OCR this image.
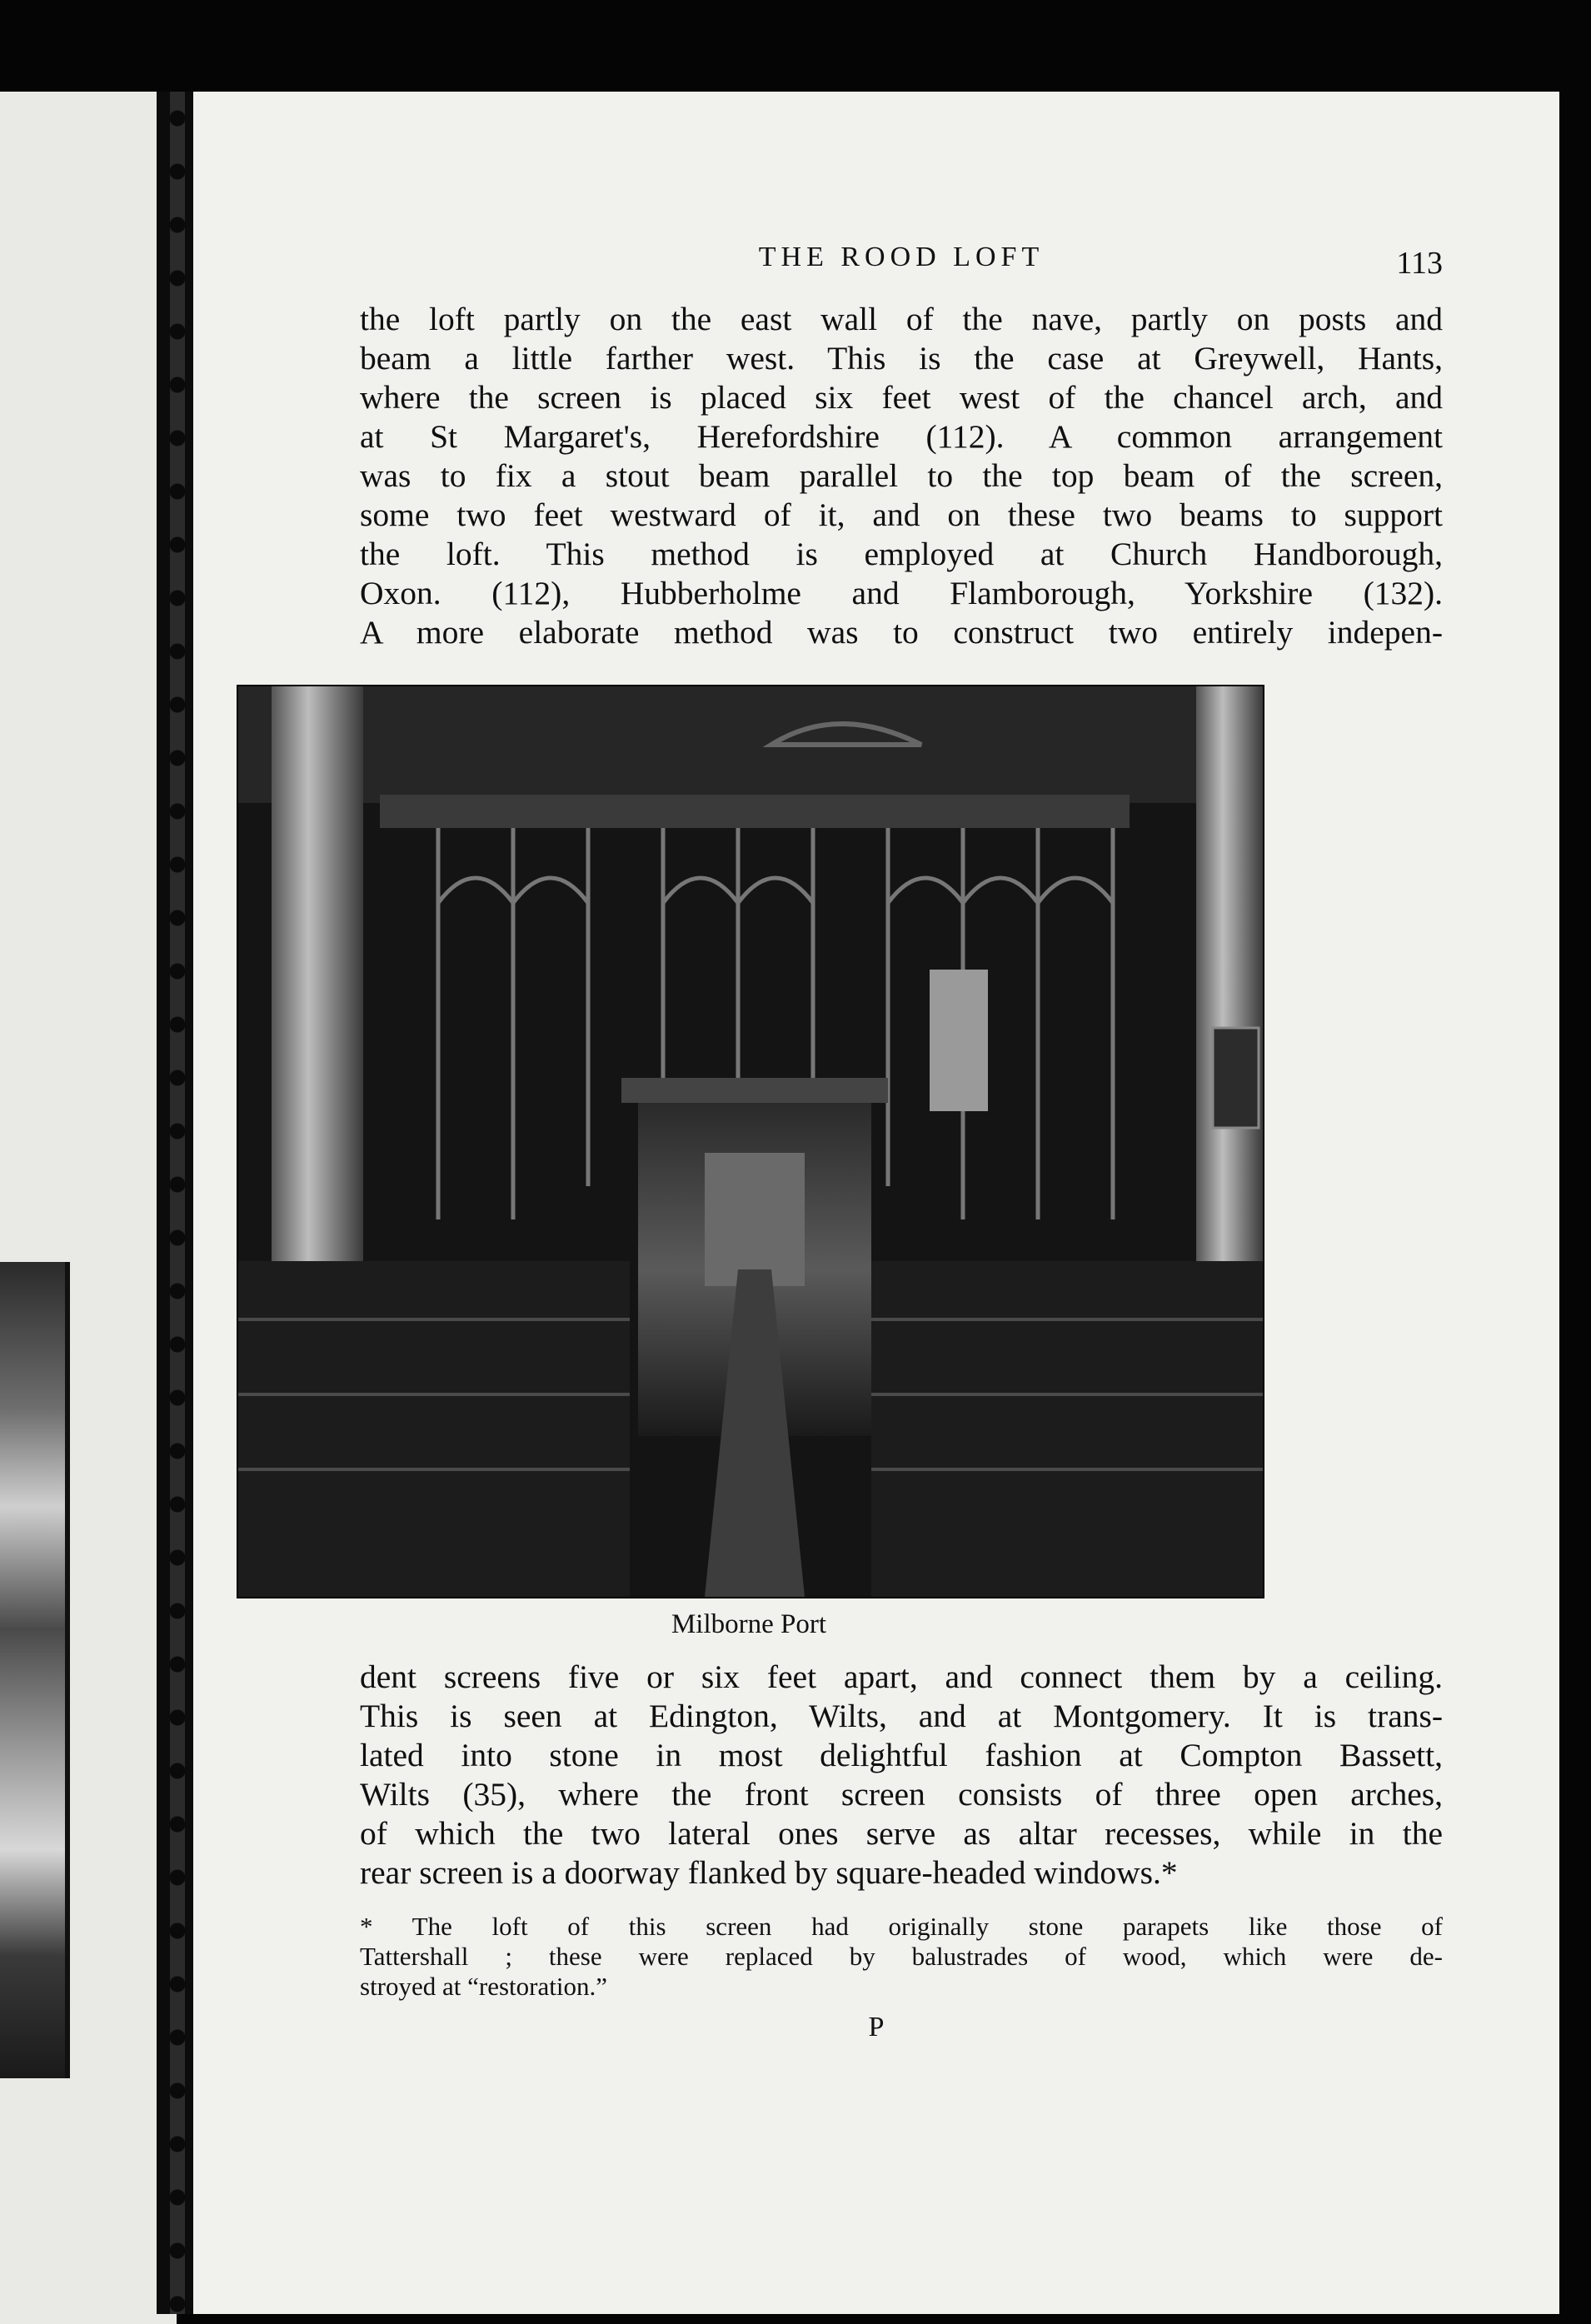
THE ROOD LOFT	113
the loft partly on the east wall of the nave, partly on posts and
beam a little farther west. This is the case at Greywell, Hants,
where the screen is placed six feet west of the chancel arch, and
at St Margaret's, Herefordshire (112). A common arrangement
was to fix a stout beam parallel to the top beam of the screen,
some two feet westward of it, and on these two beams to support
the loft. This method is employed at Church Handborough,
Oxon. (112), Hubberholme and Flamborough, Yorkshire (132).
A more elaborate method was to construct two entirely indepen-
Milborne Port
dent screens five or six feet apart, and connect them by a ceiling.
This is seen at Edington, Wilts, and at Montgomery. It is trans-
lated into stone in most delightful fashion at Compton Bassett,
Wilts (35), where the front screen consists of three open arches,
of which the two lateral ones serve as altar recesses, while in the
rear screen is a doorway flanked by square-headed windows.*
* The loft of this screen had originally stone parapets like those of
Tattershall ; these were replaced by balustrades of wood, which were de-
stroyed at “restoration.”
P
